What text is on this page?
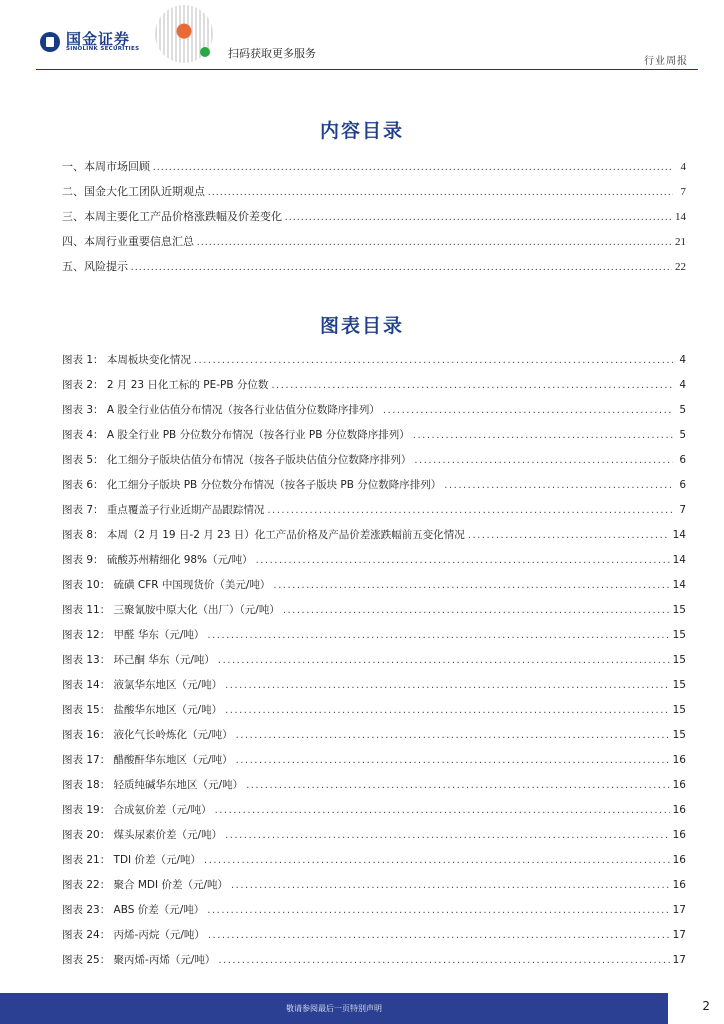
国金证券
SINOLINK SECURITIES	扫码获取更多服务
行业周报
内容目录
一、本周市场回顾 .....	4
二、国金大化工团队近期观点 .....	7
三、本周主要化工产品价格涨跌幅及价差变化 .....	14
四、本周行业重要信息汇总 .....	21
五、风险提示 .....	22
图表目录
图表 1： 本周板块变化情况 .....	4
图表 2： 2 月 23 日化工标的 PE-PB 分位数 .....	4
图表 3： A 股全行业估值分布情况（按各行业估值分位数降序排列） .....	5
图表 4： A 股全行业 PB 分位数分布情况（按各行业 PB 分位数降序排列） .....	5
图表 5： 化工细分子版块估值分布情况（按各子版块估值分位数降序排列） .....	6
图表 6： 化工细分子版块 PB 分位数分布情况（按各子版块 PB 分位数降序排列） .....	6
图表 7： 重点覆盖子行业近期产品跟踪情况 .....	7
图表 8： 本周（2 月 19 日-2 月 23 日）化工产品价格及产品价差涨跌幅前五变化情况 .....	14
图表 9： 硫酸苏州精细化 98%（元/吨） .....	14
图表 10： 硫磺 CFR 中国现货价（美元/吨） .....	14
图表 11： 三聚氰胺中原大化（出厂）（元/吨） .....	15
图表 12： 甲醛 华东（元/吨） .....	15
图表 13： 环己酮 华东（元/吨） .....	15
图表 14： 液氯华东地区（元/吨） .....	15
图表 15： 盐酸华东地区（元/吨） .....	15
图表 16： 液化气长岭炼化（元/吨） .....	15
图表 17： 醋酸酐华东地区（元/吨） .....	16
图表 18： 轻质纯碱华东地区（元/吨） .....	16
图表 19： 合成氨价差（元/吨） .....	16
图表 20： 煤头尿素价差（元/吨） .....	16
图表 21： TDI 价差（元/吨） .....	16
图表 22： 聚合 MDI 价差（元/吨） .....	16
图表 23： ABS 价差（元/吨） .....	17
图表 24： 丙烯-丙烷（元/吨） .....	17
图表 25： 聚丙烯-丙烯（元/吨） .....	17
敬请参阅最后一页特别声明	2
